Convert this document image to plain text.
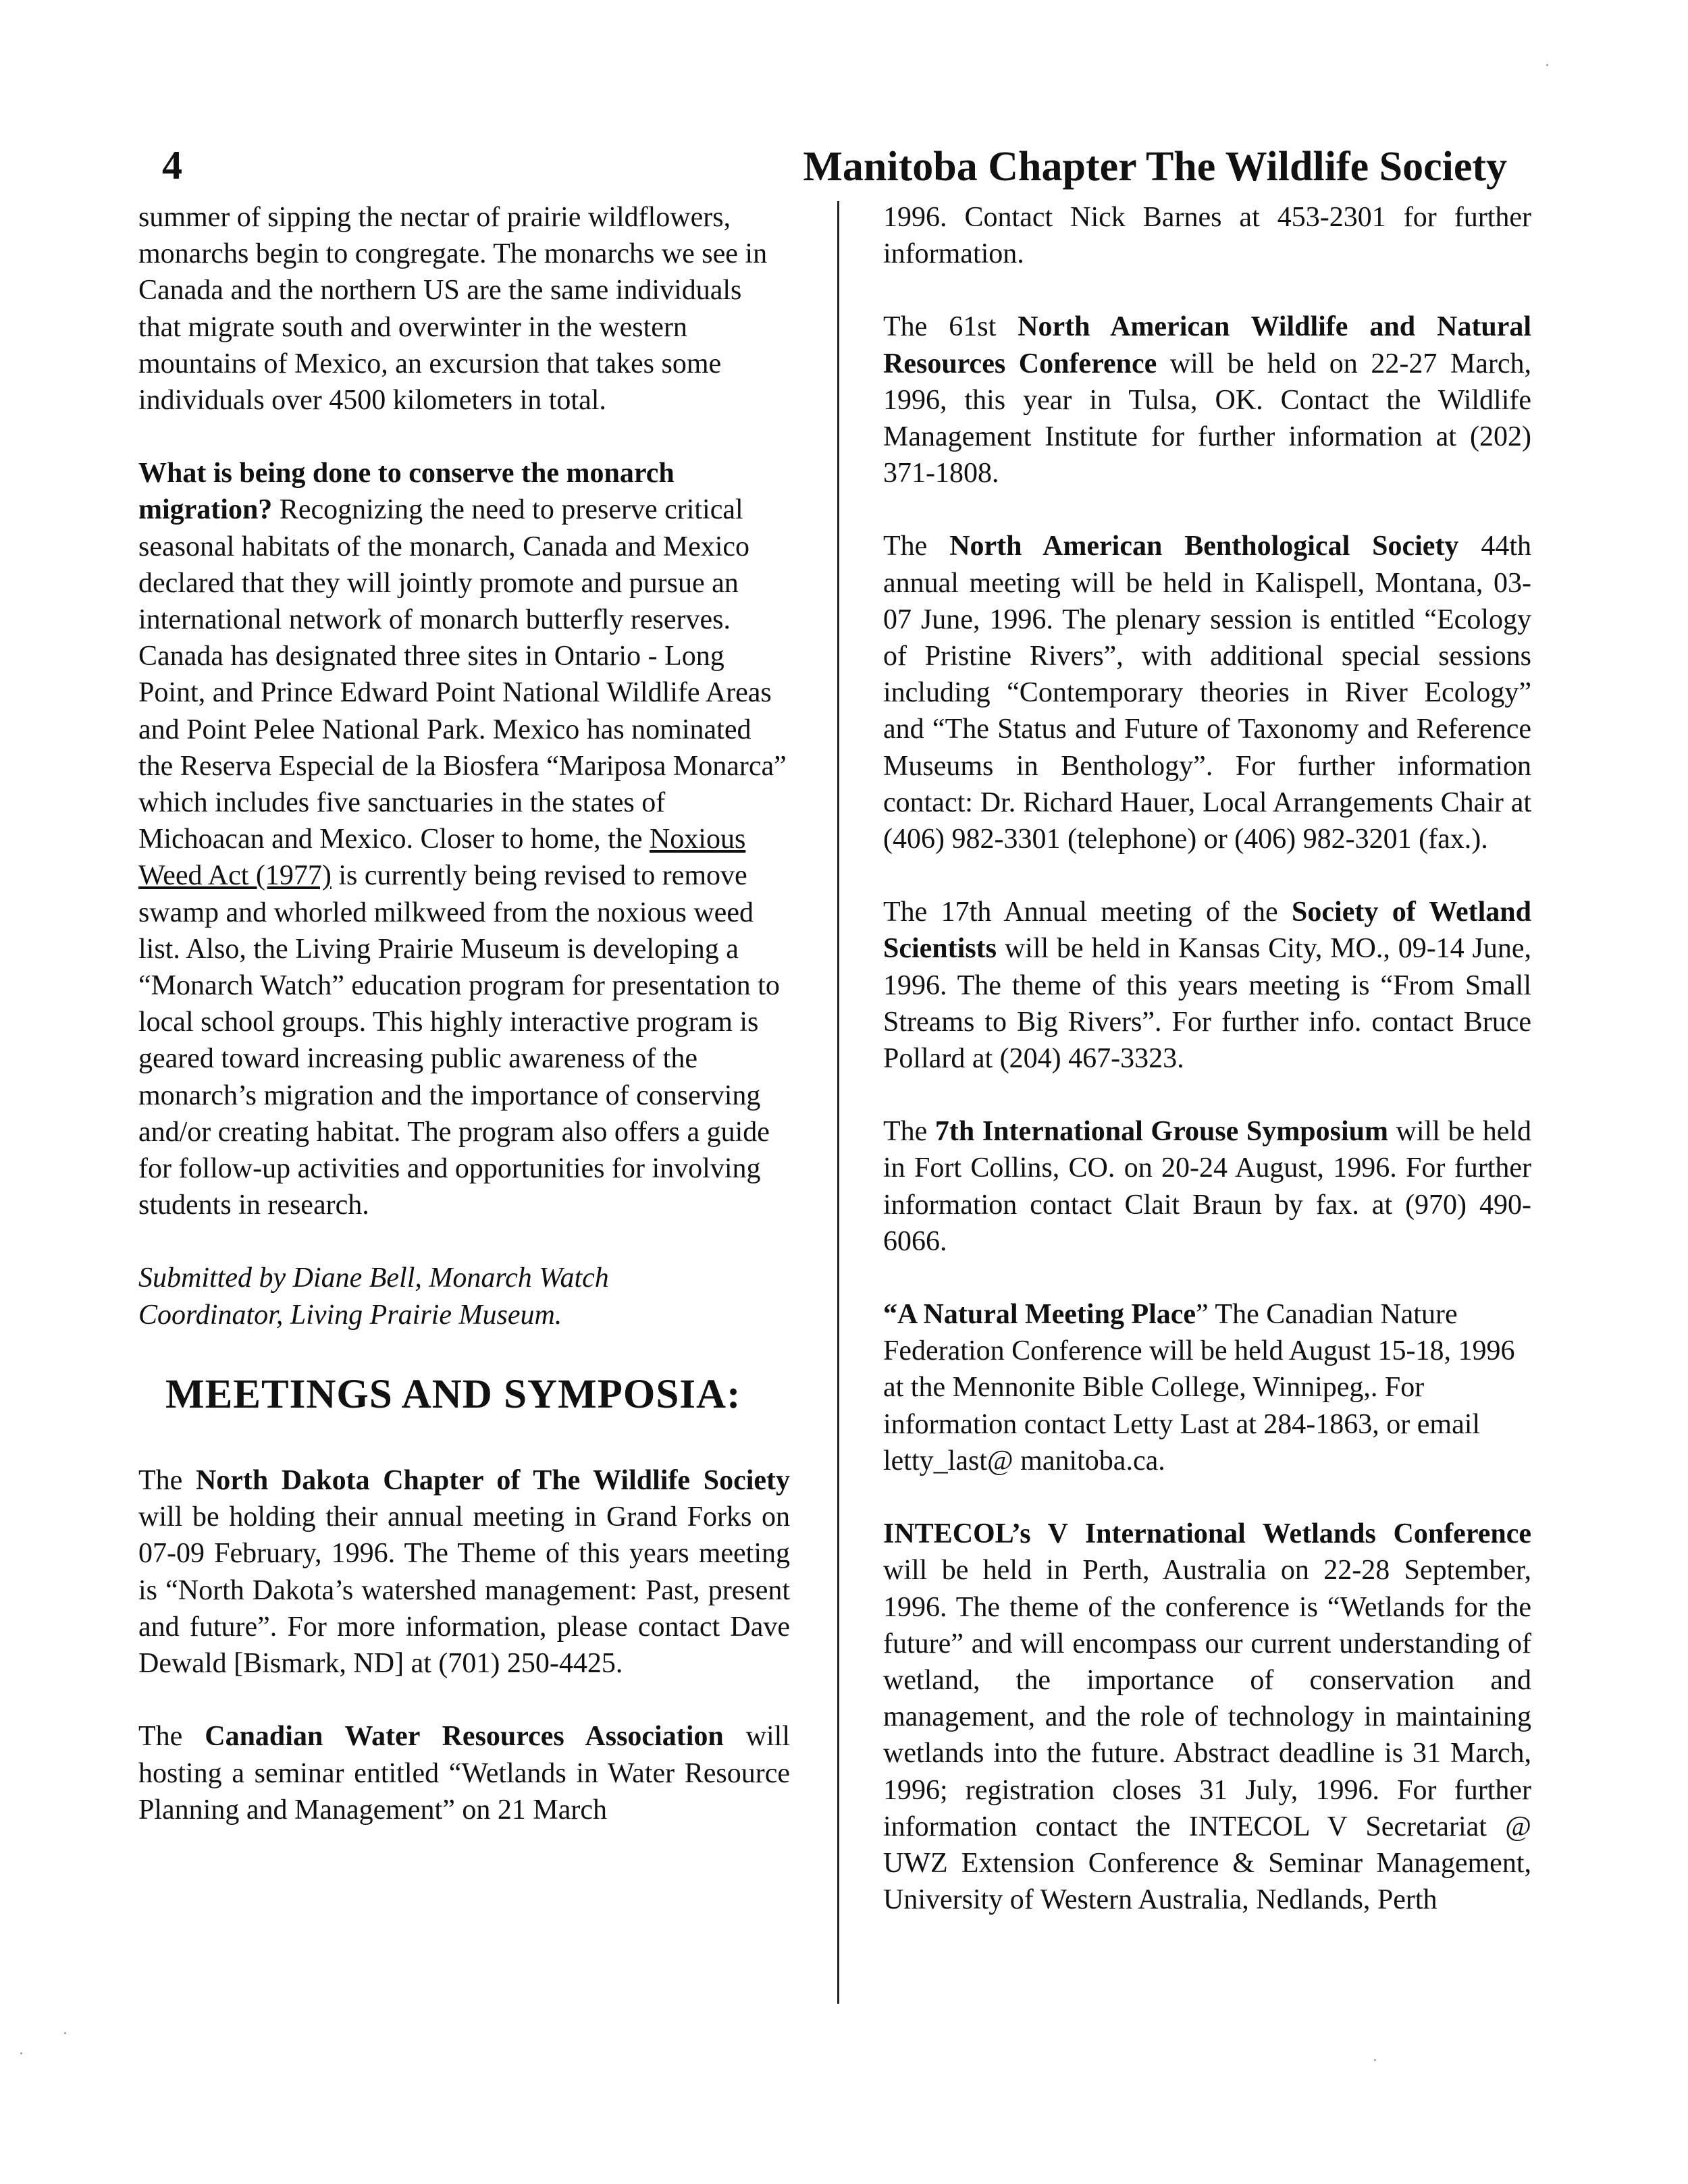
4	Manitoba Chapter The Wildlife Society

summer of sipping the nectar of prairie wildflowers, monarchs begin to congregate. The monarchs we see in Canada and the northern US are the same individuals that migrate south and overwinter in the western mountains of Mexico, an excursion that takes some individuals over 4500 kilometers in total.

What is being done to conserve the monarch migration? Recognizing the need to preserve critical seasonal habitats of the monarch, Canada and Mexico declared that they will jointly promote and pursue an international network of monarch butterfly reserves. Canada has designated three sites in Ontario - Long Point, and Prince Edward Point National Wildlife Areas and Point Pelee National Park. Mexico has nominated the Reserva Especial de la Biosfera “Mariposa Monarca” which includes five sanctuaries in the states of Michoacan and Mexico. Closer to home, the Noxious Weed Act (1977) is currently being revised to remove swamp and whorled milkweed from the noxious weed list. Also, the Living Prairie Museum is developing a “Monarch Watch” education program for presentation to local school groups. This highly interactive program is geared toward increasing public awareness of the monarch’s migration and the importance of conserving and/or creating habitat. The program also offers a guide for follow-up activities and opportunities for involving students in research.

Submitted by Diane Bell, Monarch Watch
Coordinator, Living Prairie Museum.

MEETINGS AND SYMPOSIA:

The North Dakota Chapter of The Wildlife Society will be holding their annual meeting in Grand Forks on 07-09 February, 1996. The Theme of this years meeting is “North Dakota’s watershed management: Past, present and future”. For more information, please contact Dave Dewald [Bismark, ND] at (701) 250-4425.

The Canadian Water Resources Association will hosting a seminar entitled “Wetlands in Water Resource Planning and Management” on 21 March

1996. Contact Nick Barnes at 453-2301 for further information.

The 61st North American Wildlife and Natural Resources Conference will be held on 22-27 March, 1996, this year in Tulsa, OK. Contact the Wildlife Management Institute for further information at (202) 371-1808.

The North American Benthological Society 44th annual meeting will be held in Kalispell, Montana, 03-07 June, 1996. The plenary session is entitled “Ecology of Pristine Rivers”, with additional special sessions including “Contemporary theories in River Ecology” and “The Status and Future of Taxonomy and Reference Museums in Benthology”. For further information contact: Dr. Richard Hauer, Local Arrangements Chair at (406) 982-3301 (telephone) or (406) 982-3201 (fax.).

The 17th Annual meeting of the Society of Wetland Scientists will be held in Kansas City, MO., 09-14 June, 1996. The theme of this years meeting is “From Small Streams to Big Rivers”. For further info. contact Bruce Pollard at (204) 467-3323.

The 7th International Grouse Symposium will be held in Fort Collins, CO. on 20-24 August, 1996. For further information contact Clait Braun by fax. at (970) 490-6066.

“A Natural Meeting Place” The Canadian Nature Federation Conference will be held August 15-18, 1996 at the Mennonite Bible College, Winnipeg,. For information contact Letty Last at 284-1863, or email letty_last@ manitoba.ca.

INTECOL’s V International Wetlands Conference will be held in Perth, Australia on 22-28 September, 1996. The theme of the conference is “Wetlands for the future” and will encompass our current understanding of wetland, the importance of conservation and management, and the role of technology in maintaining wetlands into the future. Abstract deadline is 31 March, 1996; registration closes 31 July, 1996. For further information contact the INTECOL V Secretariat @ UWZ Extension Conference & Seminar Management, University of Western Australia, Nedlands, Perth
